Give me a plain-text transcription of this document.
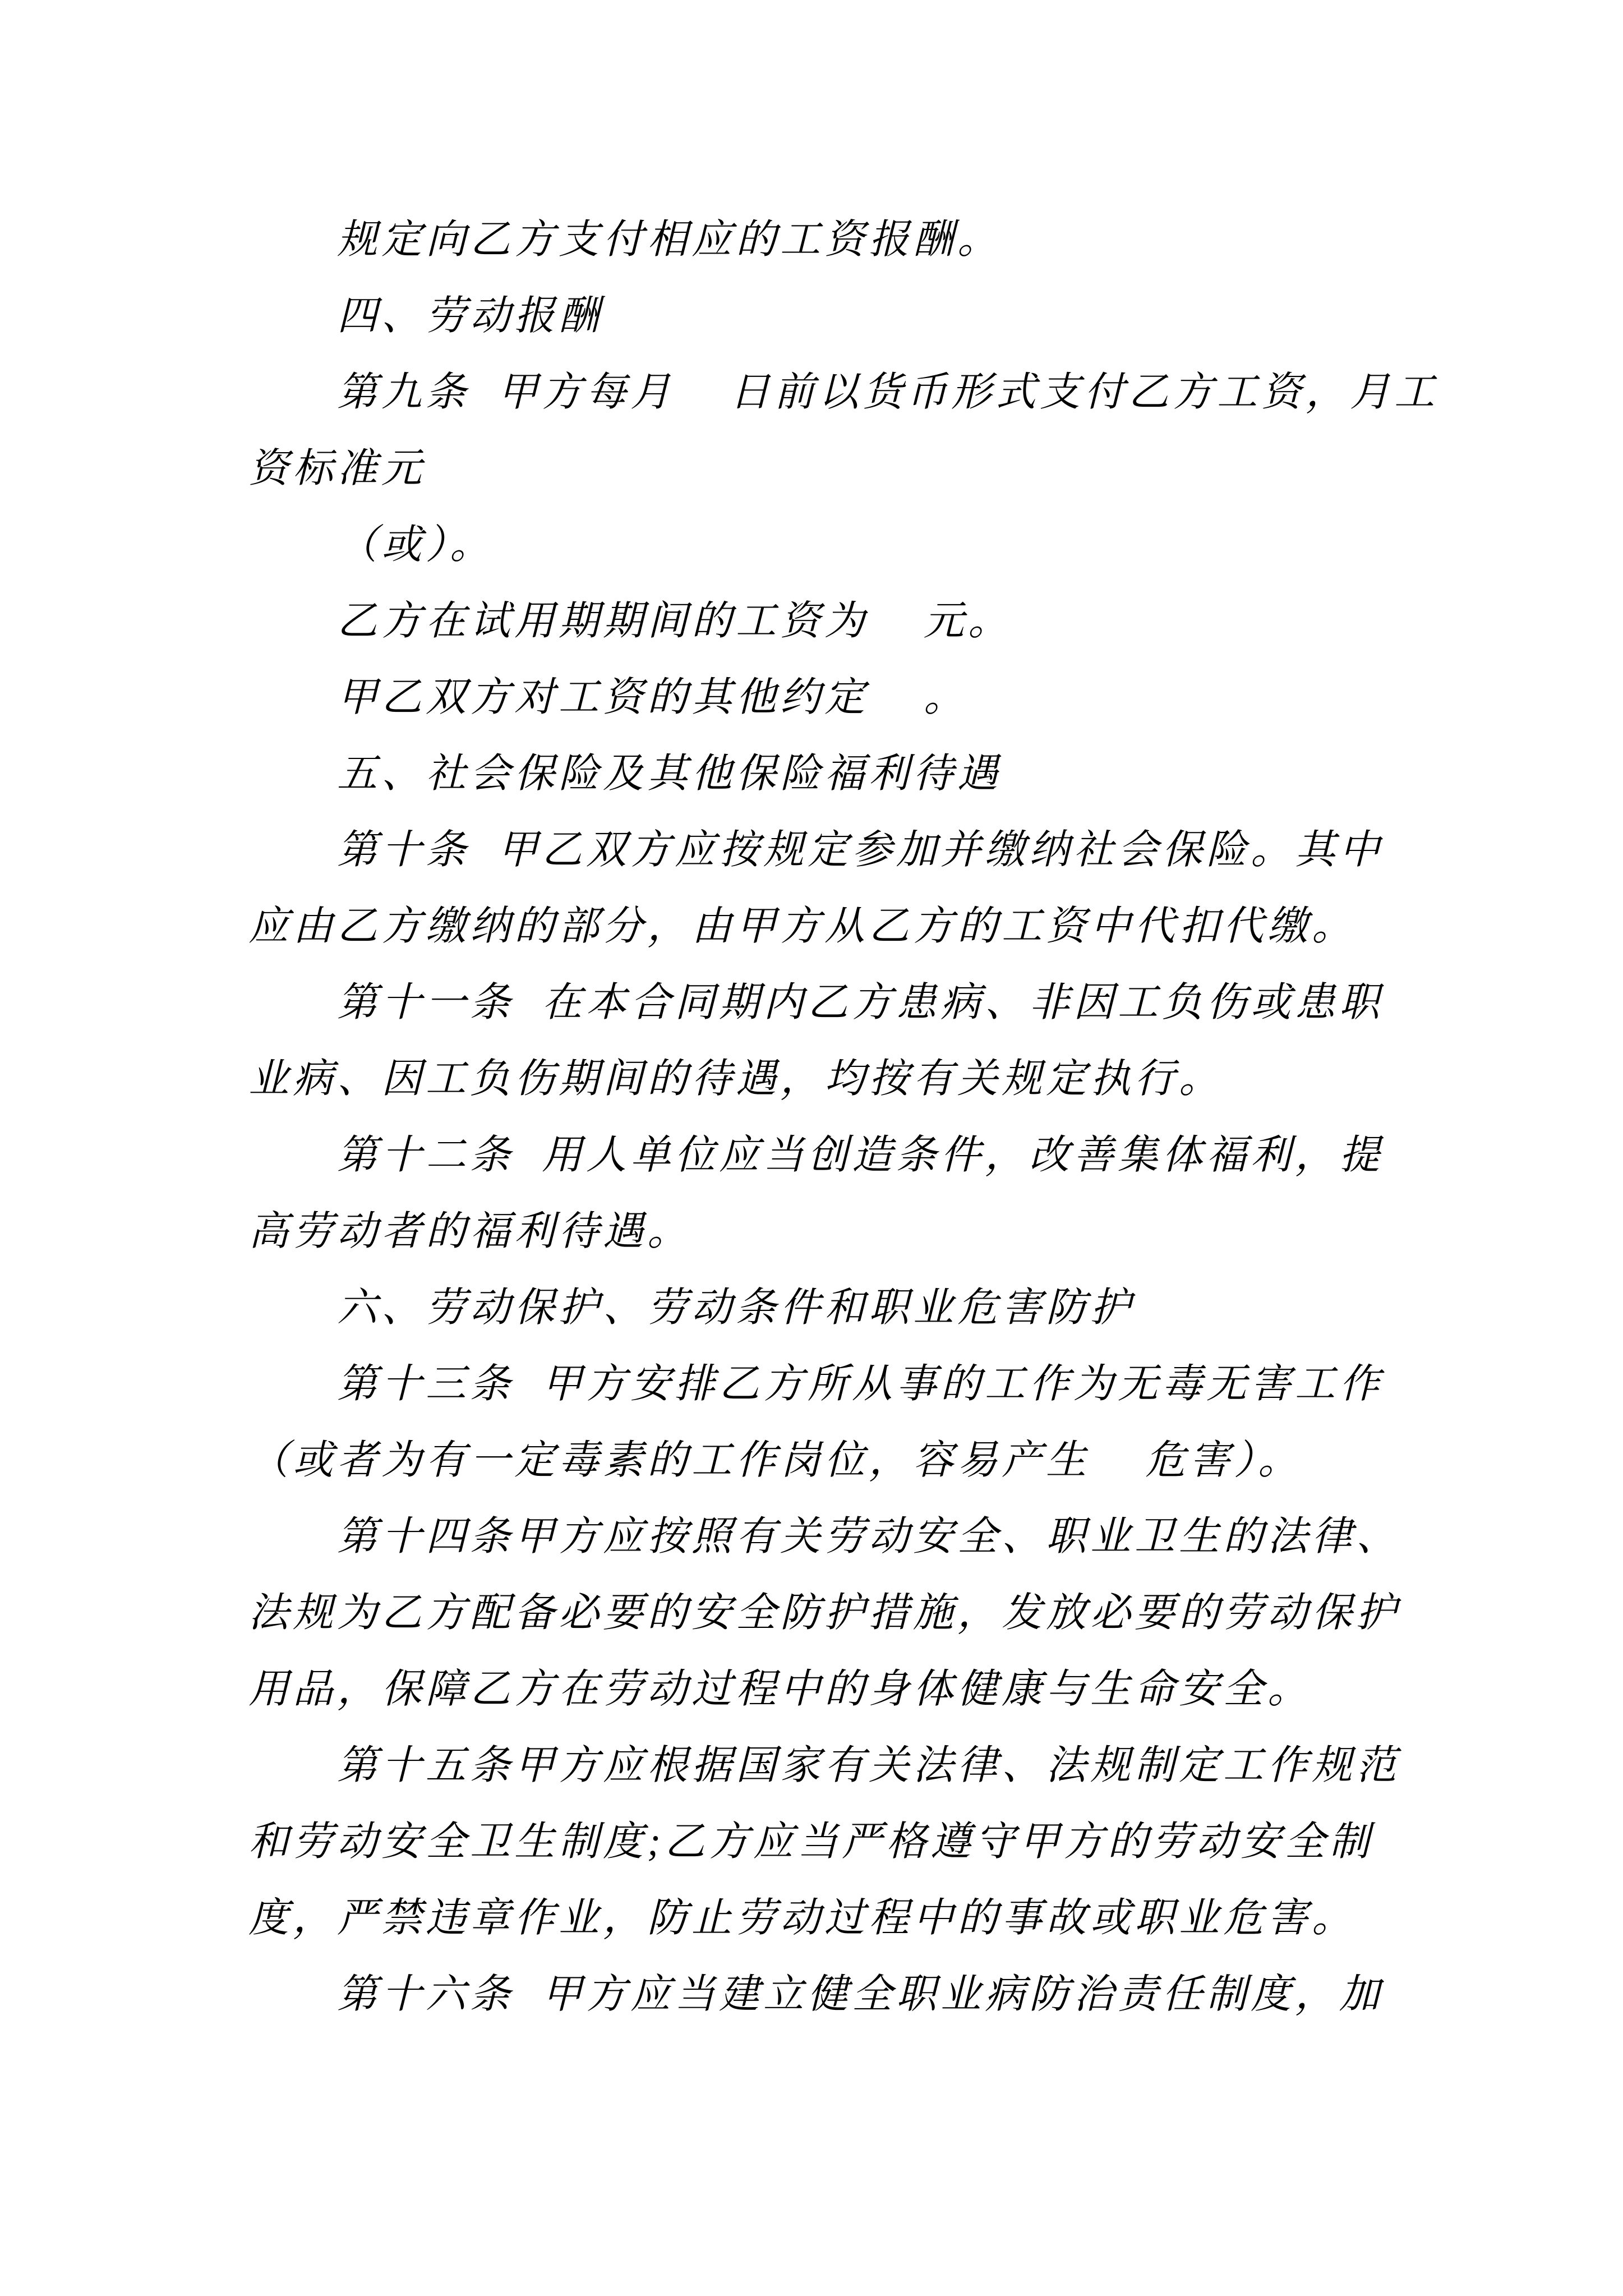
规定向乙方支付相应的工资报酬。
四、劳动报酬
第九条 甲方每月  日前以货币形式支付乙方工资，月工
资标准元
（或）。
乙方在试用期期间的工资为  元。
甲乙双方对工资的其他约定  。
五、社会保险及其他保险福利待遇
第十条 甲乙双方应按规定参加并缴纳社会保险。其中
应由乙方缴纳的部分，由甲方从乙方的工资中代扣代缴。
第十一条 在本合同期内乙方患病、非因工负伤或患职
业病、因工负伤期间的待遇，均按有关规定执行。
第十二条 用人单位应当创造条件，改善集体福利，提
高劳动者的福利待遇。
六、劳动保护、劳动条件和职业危害防护
第十三条 甲方安排乙方所从事的工作为无毒无害工作
（或者为有一定毒素的工作岗位，容易产生  危害）。
第十四条甲方应按照有关劳动安全、职业卫生的法律、
法规为乙方配备必要的安全防护措施，发放必要的劳动保护
用品，保障乙方在劳动过程中的身体健康与生命安全。
第十五条甲方应根据国家有关法律、法规制定工作规范
和劳动安全卫生制度;乙方应当严格遵守甲方的劳动安全制
度，严禁违章作业，防止劳动过程中的事故或职业危害。
第十六条 甲方应当建立健全职业病防治责任制度，加
